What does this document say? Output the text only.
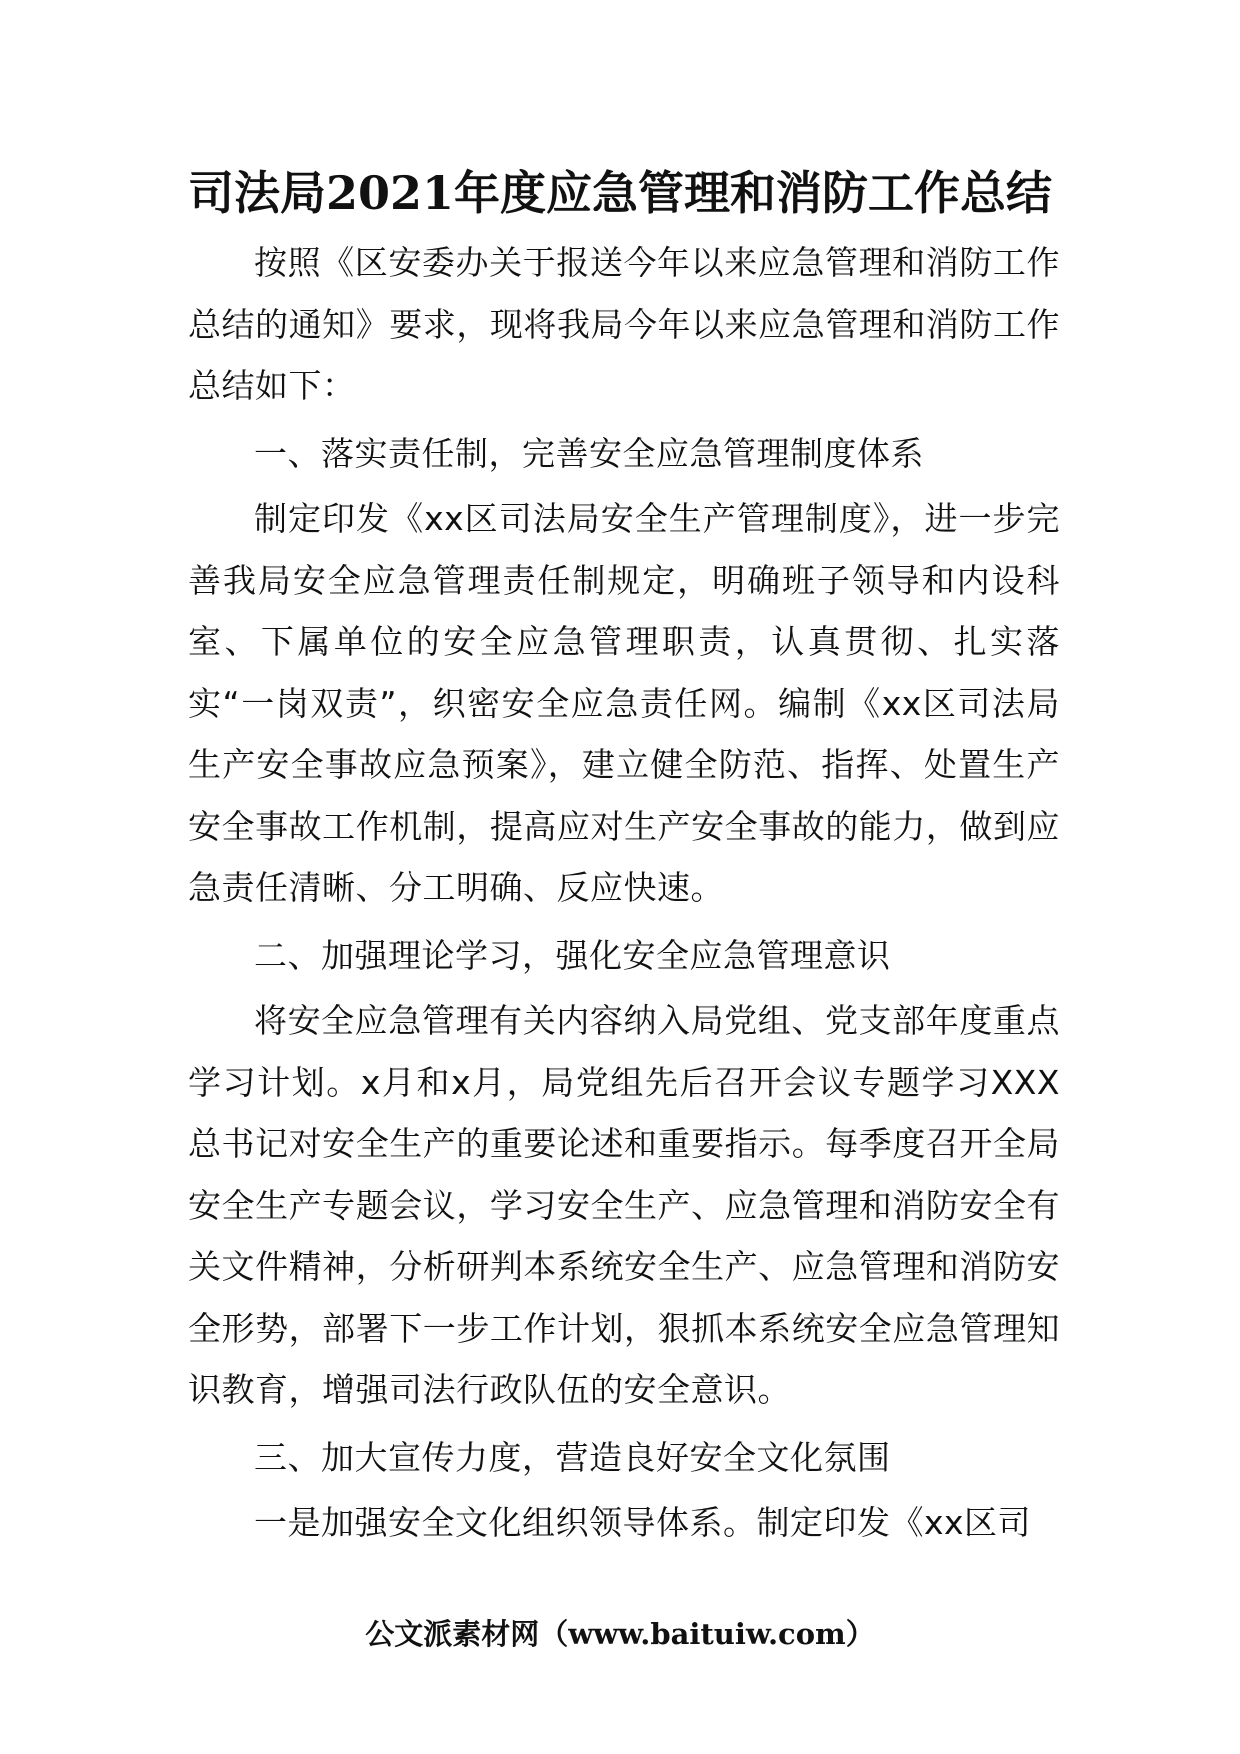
司法局2021年度应急管理和消防工作总结

按照《区安委办关于报送今年以来应急管理和消防工作总结的通知》要求，现将我局今年以来应急管理和消防工作总结如下：

一、落实责任制，完善安全应急管理制度体系

制定印发《xx区司法局安全生产管理制度》，进一步完善我局安全应急管理责任制规定，明确班子领导和内设科室、下属单位的安全应急管理职责，认真贯彻、扎实落实“一岗双责”，织密安全应急责任网。编制《xx区司法局生产安全事故应急预案》，建立健全防范、指挥、处置生产安全事故工作机制，提高应对生产安全事故的能力，做到应急责任清晰、分工明确、反应快速。

二、加强理论学习，强化安全应急管理意识

将安全应急管理有关内容纳入局党组、党支部年度重点学习计划。x月和x月，局党组先后召开会议专题学习XXX总书记对安全生产的重要论述和重要指示。每季度召开全局安全生产专题会议，学习安全生产、应急管理和消防安全有关文件精神，分析研判本系统安全生产、应急管理和消防安全形势，部署下一步工作计划，狠抓本系统安全应急管理知识教育，增强司法行政队伍的安全意识。

三、加大宣传力度，营造良好安全文化氛围

一是加强安全文化组织领导体系。制定印发《xx区司

公文派素材网（www.baituiw.com）
